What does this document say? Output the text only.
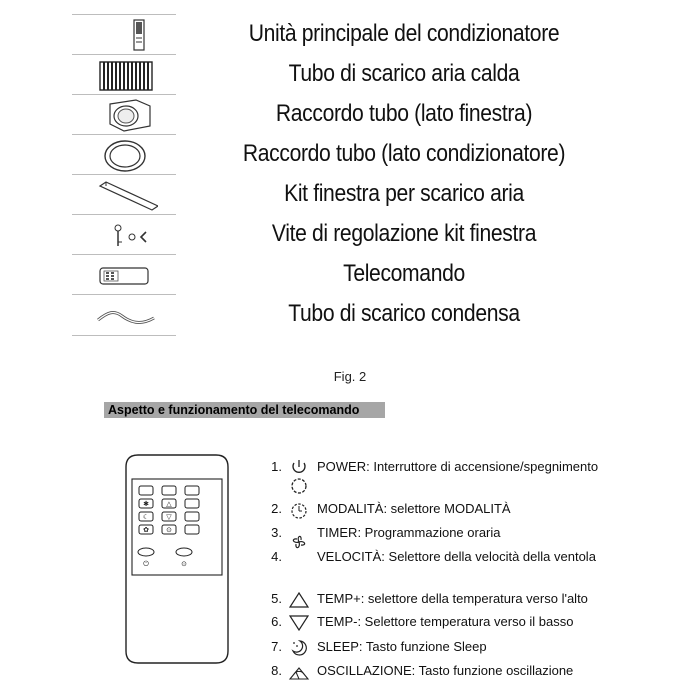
Unità principale del condizionatore
Tubo di scarico aria calda
Raccordo tubo (lato finestra)
Raccordo tubo (lato condizionatore)
Kit finestra per scarico aria
Vite di regolazione kit finestra
Telecomando
Tubo di scarico condensa
Fig. 2
Aspetto e funzionamento del telecomando
✱ △
☾ ▽
✿ ⊙
⏻	⊙
1.	POWER: Interruttore di accensione/spegnimento
2.	MODALITÀ: selettore MODALITÀ
3.	TIMER: Programmazione oraria
4.	VELOCITÀ: Selettore della velocità della ventola
5.	TEMP+: selettore della temperatura verso l'alto
6.	TEMP-: Selettore temperatura verso il basso
7.	SLEEP: Tasto funzione Sleep
8.	OSCILLAZIONE: Tasto funzione oscillazione
